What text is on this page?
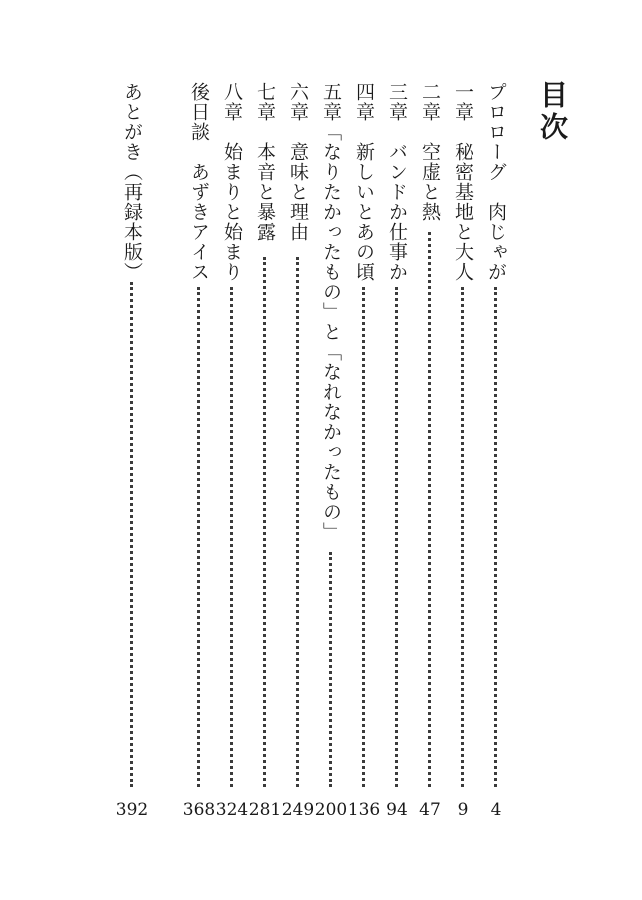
目次
プロローグ　肉じゃが
4
一章　秘密基地と大人
9
二章　空虚と熱
47
三章　バンドか仕事か
94
四章　新しいとあの頃
136
五章「なりたかったもの」と「なれなかったもの」
200
六章　意味と理由
249
七章　本音と暴露
281
八章　始まりと始まり
324
後日談　あずきアイス
368
あとがき（再録本版）
392
